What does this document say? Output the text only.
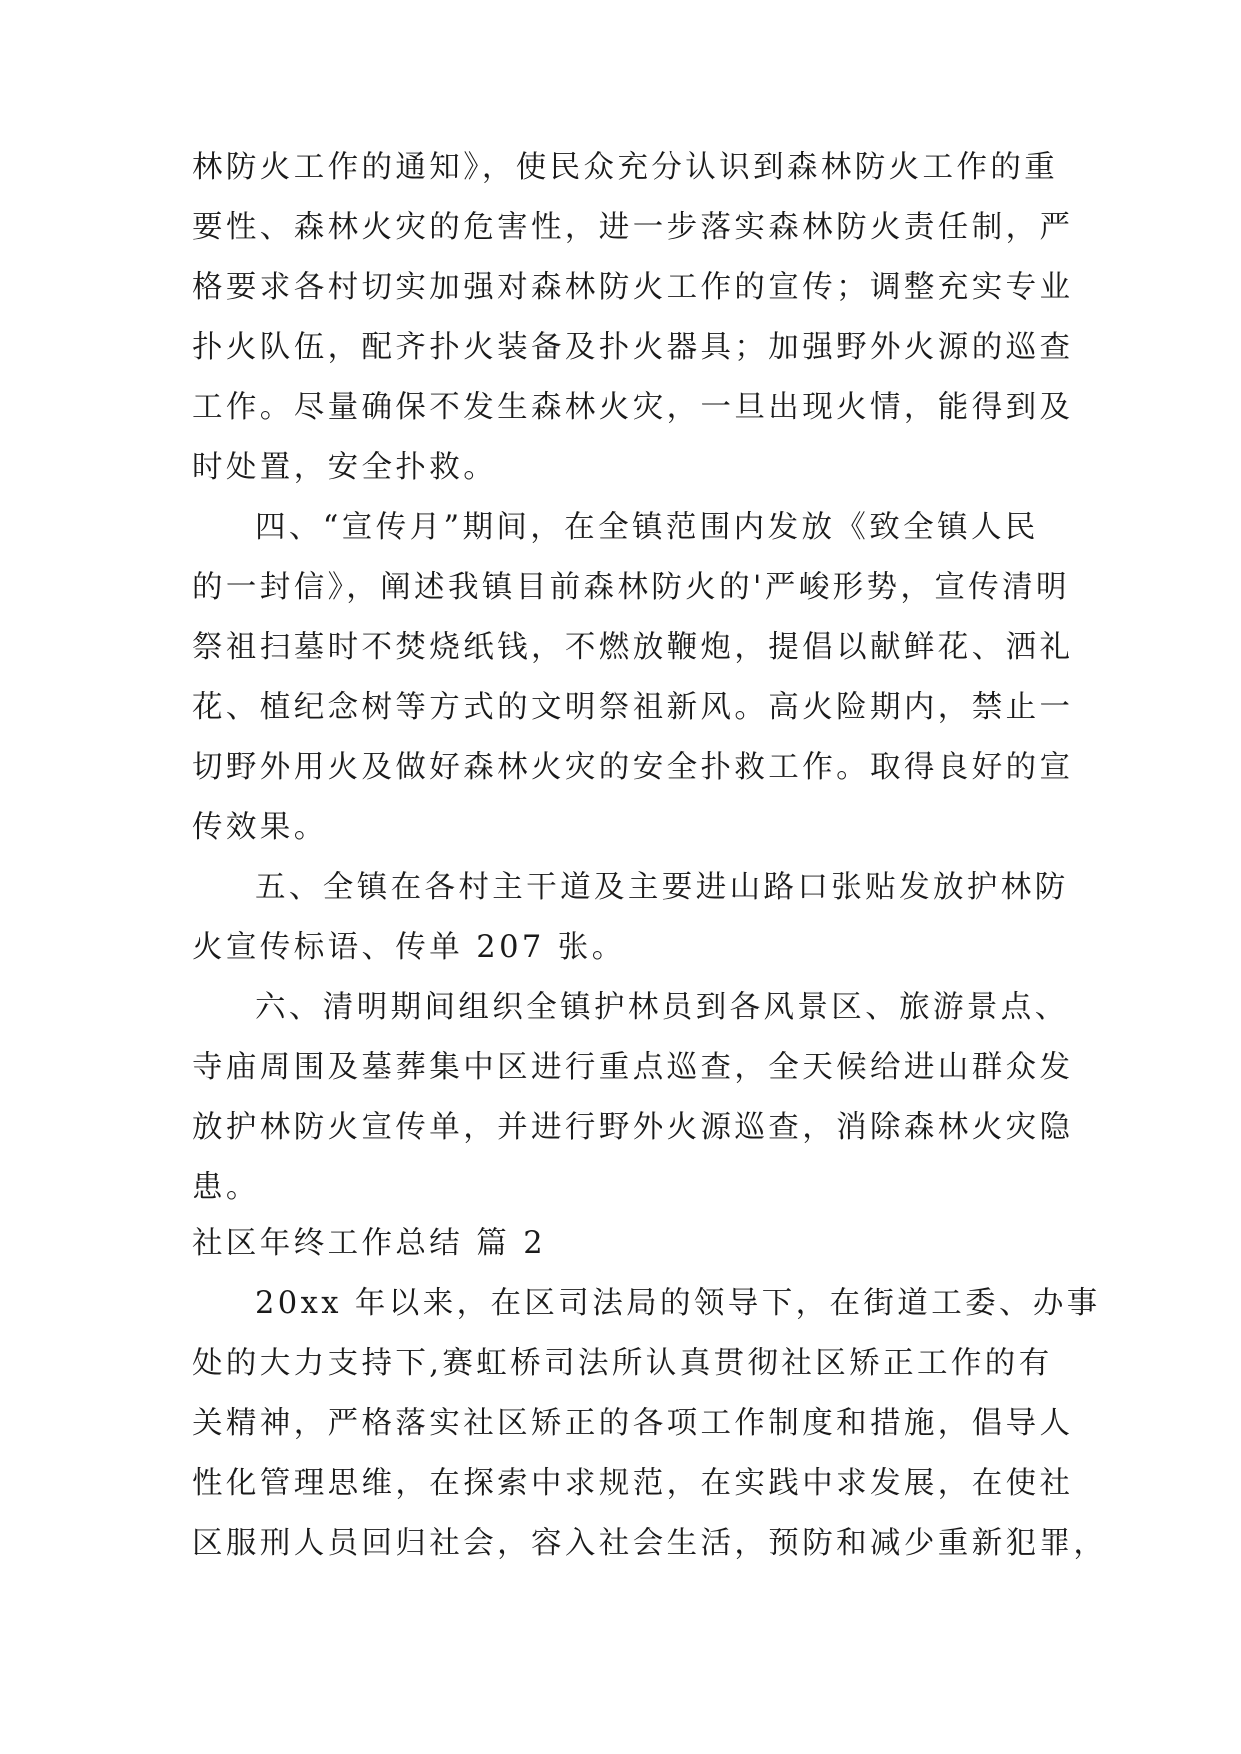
林防火工作的通知》，使民众充分认识到森林防火工作的重
要性、森林火灾的危害性，进一步落实森林防火责任制，严
格要求各村切实加强对森林防火工作的宣传；调整充实专业
扑火队伍，配齐扑火装备及扑火器具；加强野外火源的巡查
工作。尽量确保不发生森林火灾，一旦出现火情，能得到及
时处置，安全扑救。
四、“宣传月”期间，在全镇范围内发放《致全镇人民
的一封信》，阐述我镇目前森林防火的'严峻形势，宣传清明
祭祖扫墓时不焚烧纸钱，不燃放鞭炮，提倡以献鲜花、洒礼
花、植纪念树等方式的文明祭祖新风。高火险期内，禁止一
切野外用火及做好森林火灾的安全扑救工作。取得良好的宣
传效果。
五、全镇在各村主干道及主要进山路口张贴发放护林防
火宣传标语、传单 207 张。
六、清明期间组织全镇护林员到各风景区、旅游景点、
寺庙周围及墓葬集中区进行重点巡查，全天候给进山群众发
放护林防火宣传单，并进行野外火源巡查，消除森林火灾隐
患。
社区年终工作总结 篇 2
20xx 年以来，在区司法局的领导下，在街道工委、办事
处的大力支持下,赛虹桥司法所认真贯彻社区矫正工作的有
关精神，严格落实社区矫正的各项工作制度和措施，倡导人
性化管理思维，在探索中求规范，在实践中求发展，在使社
区服刑人员回归社会，容入社会生活，预防和减少重新犯罪，
